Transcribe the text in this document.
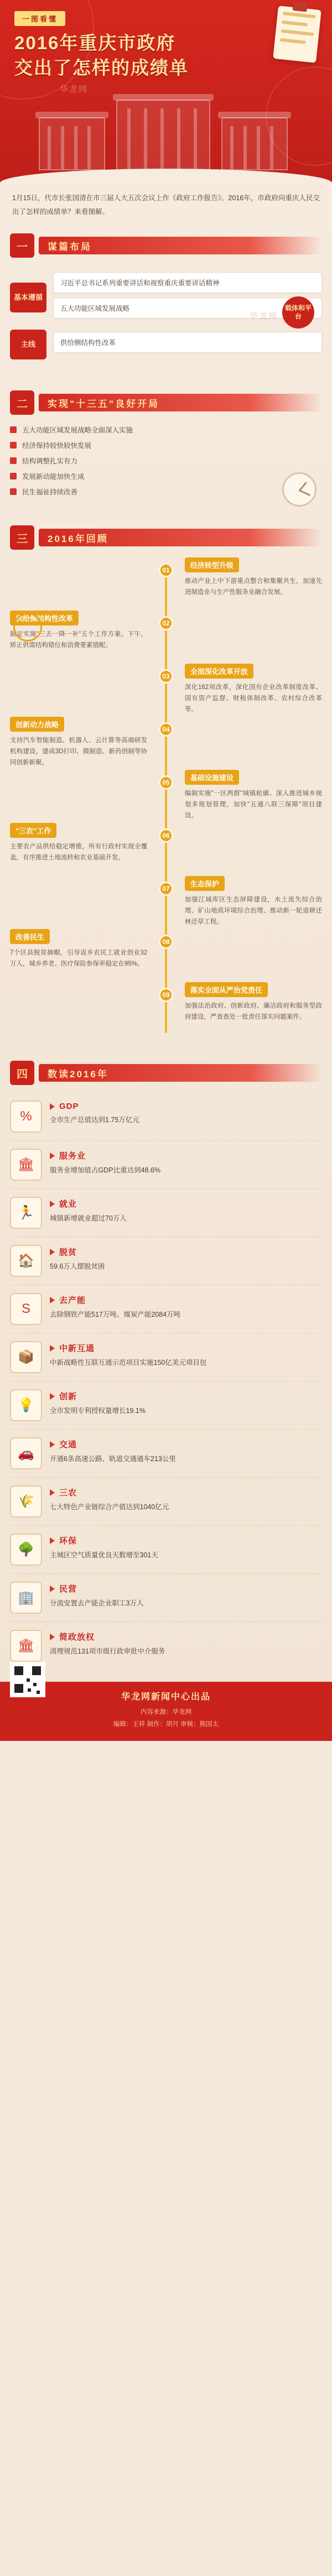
一图看懂
2016年重庆市政府
交出了怎样的成绩单
华龙网
1月15日，代市长张国清在市三届人大五次会议上作《政府工作报告》。2016年，市政府向重庆人民交出了怎样的成绩单？来看图解。
一	谋篇布局
华龙网
基本遵循
习近平总书记系列重要讲话和视察重庆重要讲话精神
五大功能区域发展战略	载体和平台
主线	供给侧结构性改革
二	实现"十三五"良好开局
五大功能区域发展战略全面深入实施
经济保持较快较快发展
结构调整扎实有力
发展新动能加快生成
民生福祉持续改善
三	2016年回顾
01
经济转型升级
推动产业上中下游重点整合和集聚共生，加速先进制造业与生产性服务业融合发展。
02
供给侧结构性改革
制定实施"三去一降一补"五个工作方案。下午，矫正供需结构错位和消费要素错配。
03
全面深化改革开放
深化162项改革，深化国有企业改革制度改革、国有资产监督、财税体制改革、农村综合改革等。
04
创新动力战略
支持汽车智能制造、机器人、云计算等高端研发机构建设，建成3D打印、微制造、新药创制等协同创新新聚。
05
基础设施建设
编制实施"一区两群"城镇轮廓、深入推进城乡规划多规划管理，加快"五通八联三保障"项目建设。
06
"三农"工作
主要农产品供给稳定增推，所有行政村实现全覆盖，有序推进土地流转和农业基础开发。
07
生态保护
加强江域库区生态屏障建设，水土流失综合治理、矿山地质环境综合治理、推动新一轮退耕还林还草工程。
08
改善民生
7个区县脱贫摘帽，引导返乡农民工就业创业32万人，城乡养老、医疗保险参保率稳定在95%。
09
落实全面从严治党责任
加强法治政府、创新政府、廉洁政府和服务型政府建设，严查查处一批责任落实问题案件。
四	数读2016年
%
GDP
全市生产总值达到1.75万亿元
🏛
服务业
服务业增加值占GDP比重达到48.6%
🏃
就业
城镇新增就业超过70万人
🏠
脱贫
59.6万人摆脱贫困
S
去产能
去除钢铁产能517万吨、煤炭产能2084万吨
📦
中新互通
中新战略性互联互通示范项目实施150亿美元项目包
💡
创新
全市发明专利授权量增长19.1%
🚗
交通
开通6条高速公路、轨道交通通车213公里
🌾
三农
七大特色产业链综合产值达到1040亿元
🌳
环保
主城区空气质量优良天数增至301天
🏢
民营
分流安置去产能企业职工3万人
🏛
简政放权
清理规范131项市级行政审批中介服务
华龙网新闻中心出品
内容来源：华龙网
编辑：王祥 制作：胡月 审核：熊国太
